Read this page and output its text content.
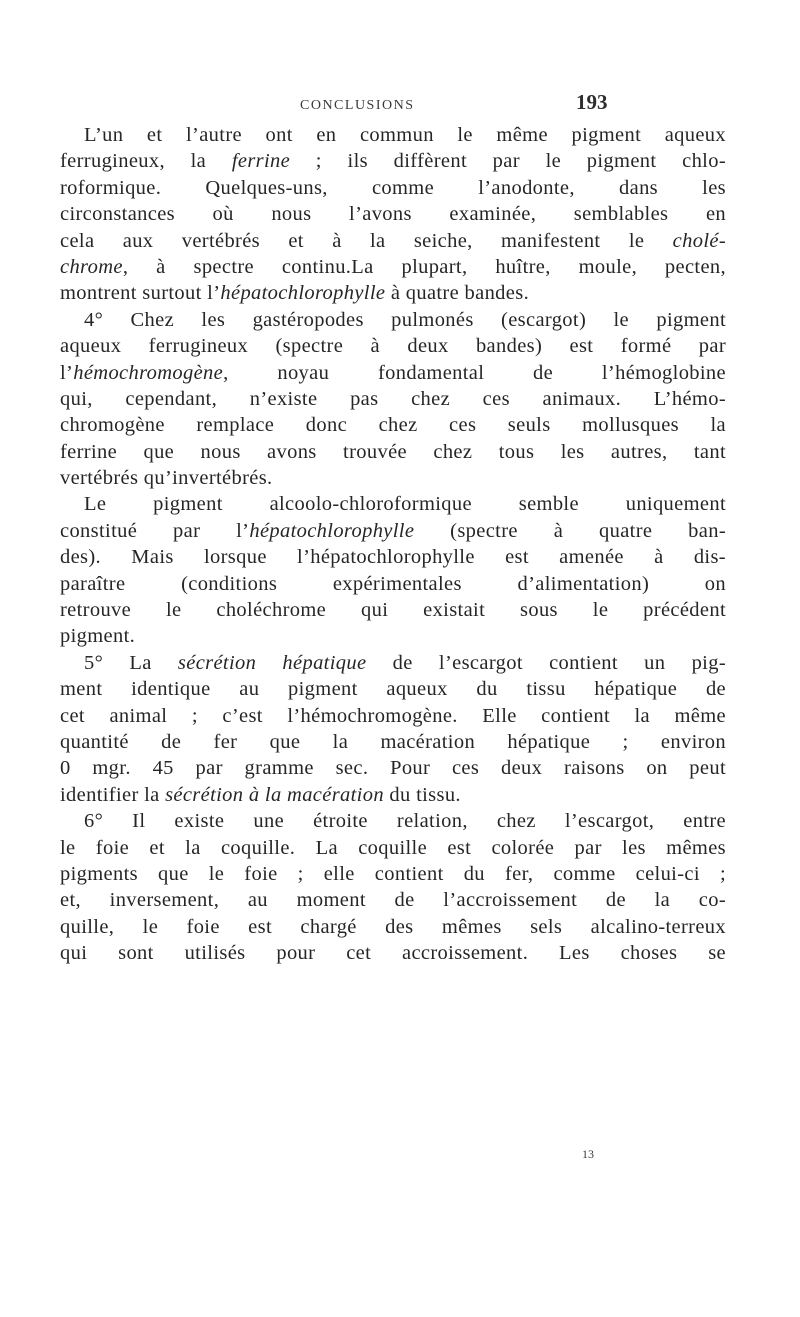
CONCLUSIONS	193
L’un et l’autre ont en commun le même pigment aqueux
ferrugineux, la ferrine ; ils diffèrent par le pigment chlo-
roformique. Quelques-uns, comme l’anodonte, dans les
circonstances où nous l’avons examinée, semblables en
cela aux vertébrés et à la seiche, manifestent le cholé-
chrome, à spectre continu.La plupart, huître, moule, pecten,
montrent surtout l’hépatochlorophylle à quatre bandes.
4° Chez les gastéropodes pulmonés (escargot) le pigment
aqueux ferrugineux (spectre à deux bandes) est formé par
l’hémochromogène, noyau fondamental de l’hémoglobine
qui, cependant, n’existe pas chez ces animaux. L’hémo-
chromogène remplace donc chez ces seuls mollusques la
ferrine que nous avons trouvée chez tous les autres, tant
vertébrés qu’invertébrés.
Le pigment alcoolo-chloroformique semble uniquement
constitué par l’hépatochlorophylle (spectre à quatre ban-
des). Mais lorsque l’hépatochlorophylle est amenée à dis-
paraître (conditions expérimentales d’alimentation) on
retrouve le choléchrome qui existait sous le précédent
pigment.
5° La sécrétion hépatique de l’escargot contient un pig-
ment identique au pigment aqueux du tissu hépatique de
cet animal ; c’est l’hémochromogène. Elle contient la même
quantité de fer que la macération hépatique ; environ
0 mgr. 45 par gramme sec. Pour ces deux raisons on peut
identifier la sécrétion à la macération du tissu.
6° Il existe une étroite relation, chez l’escargot, entre
le foie et la coquille. La coquille est colorée par les mêmes
pigments que le foie ; elle contient du fer, comme celui-ci ;
et, inversement, au moment de l’accroissement de la co-
quille, le foie est chargé des mêmes sels alcalino-terreux
qui sont utilisés pour cet accroissement. Les choses se
13
